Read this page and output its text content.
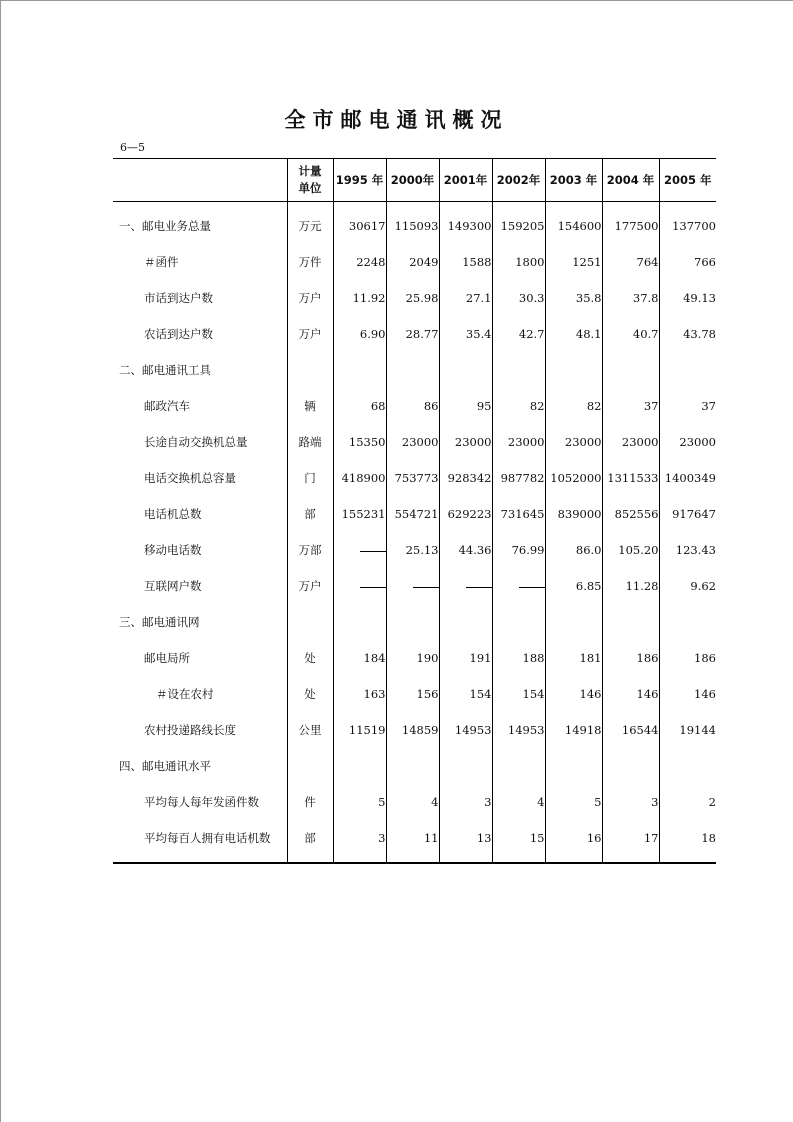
全市邮电通讯概况
6—5

	计量
单位	1995 年	2000年	2001年	2002年	2003 年	2004 年	2005 年
一、邮电业务总量	万元	30617	115093	149300	159205	154600	177500	137700
＃函件	万件	2248	2049	1588	1800	1251	764	766
市话到达户数	万户	11.92	25.98	27.1	30.3	35.8	37.8	49.13
农话到达户数	万户	6.90	28.77	35.4	42.7	48.1	40.7	43.78
二、邮电通讯工具								
邮政汽车	辆	68	86	95	82	82	37	37
长途自动交换机总量	路端	15350	23000	23000	23000	23000	23000	23000
电话交换机总容量	门	418900	753773	928342	987782	1052000	1311533	1400349
电话机总数	部	155231	554721	629223	731645	839000	852556	917647
移动电话数	万部		25.13	44.36	76.99	86.0	105.20	123.43
互联网户数	万户					6.85	11.28	9.62
三、邮电通讯网								
邮电局所	处	184	190	191	188	181	186	186
＃设在农村	处	163	156	154	154	146	146	146
农村投递路线长度	公里	11519	14859	14953	14953	14918	16544	19144
四、邮电通讯水平								
平均每人每年发函件数	件	5	4	3	4	5	3	2
平均每百人拥有电话机数	部	3	11	13	15	16	17	18
